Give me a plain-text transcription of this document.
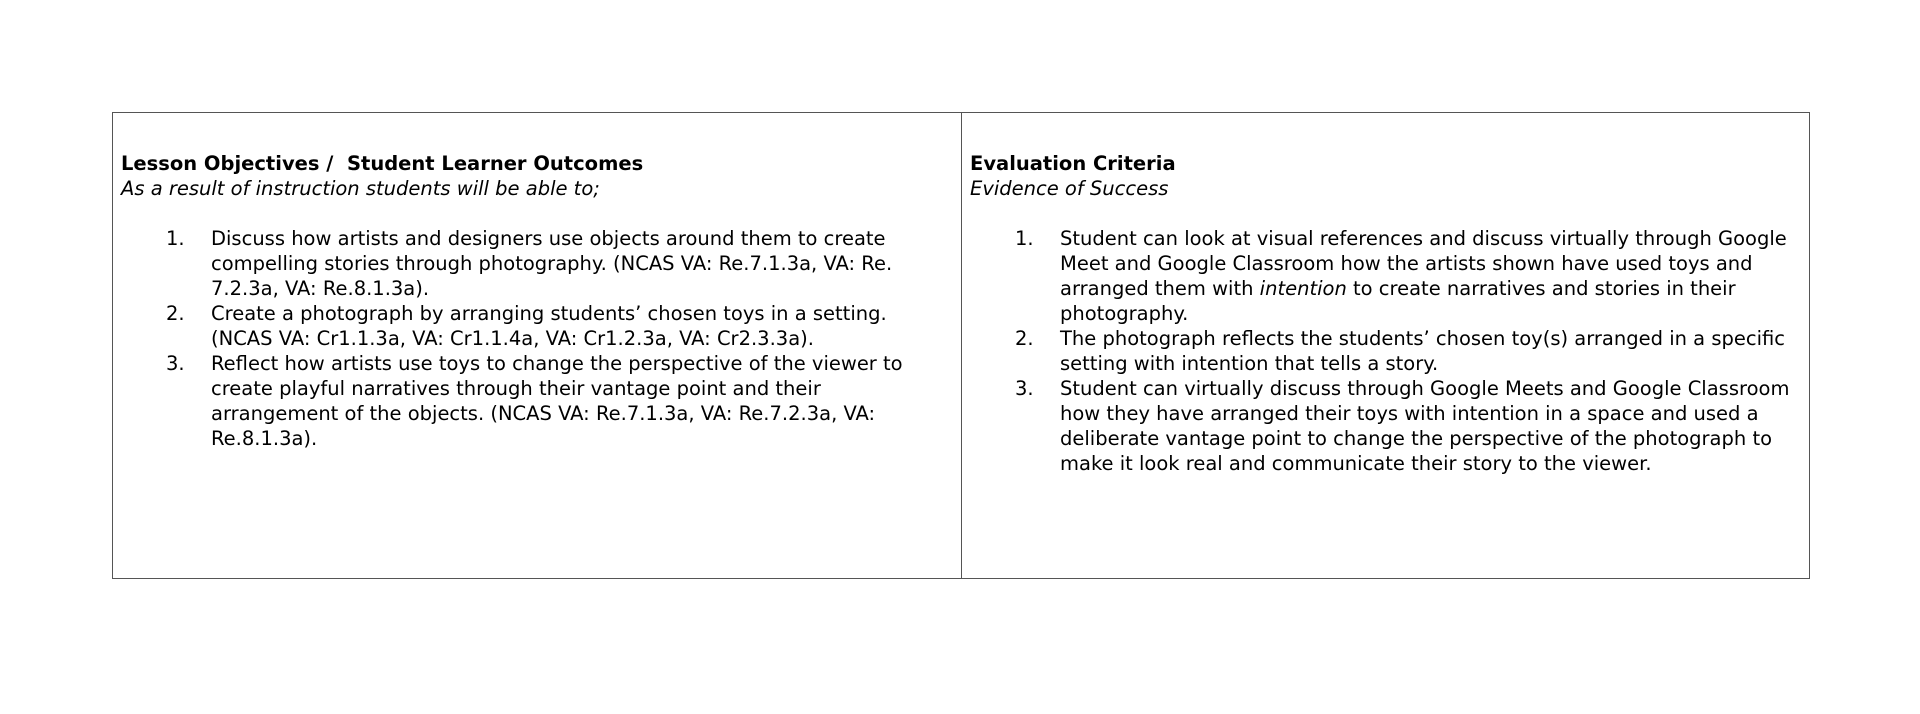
Lesson Objectives /  Student Learner Outcomes
As a result of instruction students will be able to;
1. Discuss how artists and designers use objects around them to create compelling stories through photography. (NCAS VA: Re.7.1.3a, VA: Re. 7.2.3a, VA: Re.8.1.3a).
2. Create a photograph by arranging students’ chosen toys in a setting. (NCAS VA: Cr1.1.3a, VA: Cr1.1.4a, VA: Cr1.2.3a, VA: Cr2.3.3a).
3. Reflect how artists use toys to change the perspective of the viewer to create playful narratives through their vantage point and their arrangement of the objects. (NCAS VA: Re.7.1.3a, VA: Re.7.2.3a, VA: Re.8.1.3a).
Evaluation Criteria
Evidence of Success
1. Student can look at visual references and discuss virtually through Google Meet and Google Classroom how the artists shown have used toys and arranged them with intention to create narratives and stories in their photography.
2. The photograph reflects the students’ chosen toy(s) arranged in a specific setting with intention that tells a story.
3. Student can virtually discuss through Google Meets and Google Classroom how they have arranged their toys with intention in a space and used a deliberate vantage point to change the perspective of the photograph to make it look real and communicate their story to the viewer.
